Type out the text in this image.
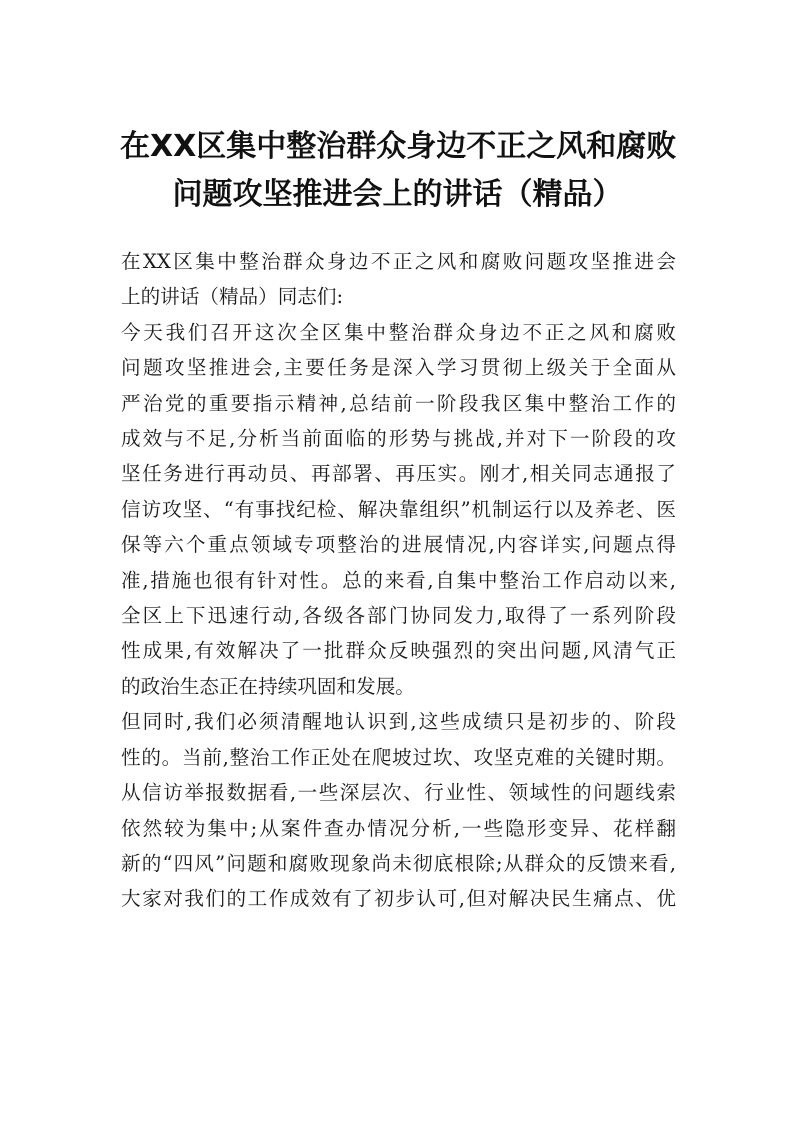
在XX区集中整治群众身边不正之风和腐败
问题攻坚推进会上的讲话（精品）

在XX区集中整治群众身边不正之风和腐败问题攻坚推进会
上的讲话（精品）同志们:

今天我们召开这次全区集中整治群众身边不正之风和腐败
问题攻坚推进会,主要任务是深入学习贯彻上级关于全面从
严治党的重要指示精神,总结前一阶段我区集中整治工作的
成效与不足,分析当前面临的形势与挑战,并对下一阶段的攻
坚任务进行再动员、再部署、再压实。刚才,相关同志通报了
信访攻坚、“有事找纪检、解决靠组织”机制运行以及养老、医
保等六个重点领域专项整治的进展情况,内容详实,问题点得
准,措施也很有针对性。总的来看,自集中整治工作启动以来,
全区上下迅速行动,各级各部门协同发力,取得了一系列阶段
性成果,有效解决了一批群众反映强烈的突出问题,风清气正
的政治生态正在持续巩固和发展。

但同时,我们必须清醒地认识到,这些成绩只是初步的、阶段
性的。当前,整治工作正处在爬坡过坎、攻坚克难的关键时期。
从信访举报数据看,一些深层次、行业性、领域性的问题线索
依然较为集中;从案件查办情况分析,一些隐形变异、花样翻
新的“四风”问题和腐败现象尚未彻底根除;从群众的反馈来看,
大家对我们的工作成效有了初步认可,但对解决民生痛点、优
